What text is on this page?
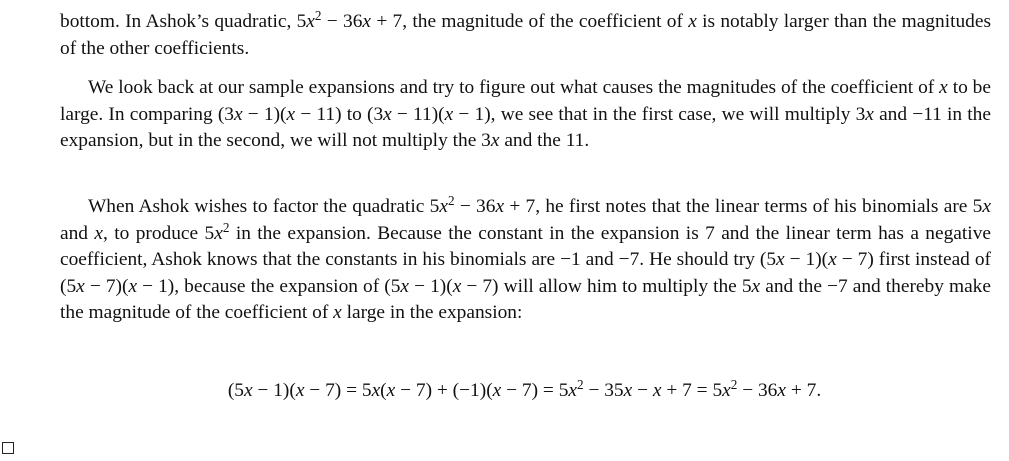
bottom. In Ashok’s quadratic, $5x^2 - 36x + 7$, the magnitude of the coefficient of x is notably larger than the magnitudes of the other coefficients.

We look back at our sample expansions and try to figure out what causes the magnitudes of the coefficient of x to be large. In comparing (3x − 1)(x − 11) to (3x − 11)(x − 1), we see that in the first case, we will multiply 3x and −11 in the expansion, but in the second, we will not multiply the 3x and the 11.

When Ashok wishes to factor the quadratic $5x^2 - 36x + 7$, he first notes that the linear terms of his binomials are 5x and x, to produce $5x^2$ in the expansion. Because the constant in the expansion is 7 and the linear term has a negative coefficient, Ashok knows that the constants in his binomials are −1 and −7. He should try (5x − 1)(x − 7) first instead of (5x − 7)(x − 1), because the expansion of (5x − 1)(x − 7) will allow him to multiply the 5x and the −7 and thereby make the magnitude of the coefficient of x large in the expansion:

$(5x - 1)(x - 7) = 5x(x - 7) + (-1)(x - 7) = 5x^2 - 35x - x + 7 = 5x^2 - 36x + 7$.
